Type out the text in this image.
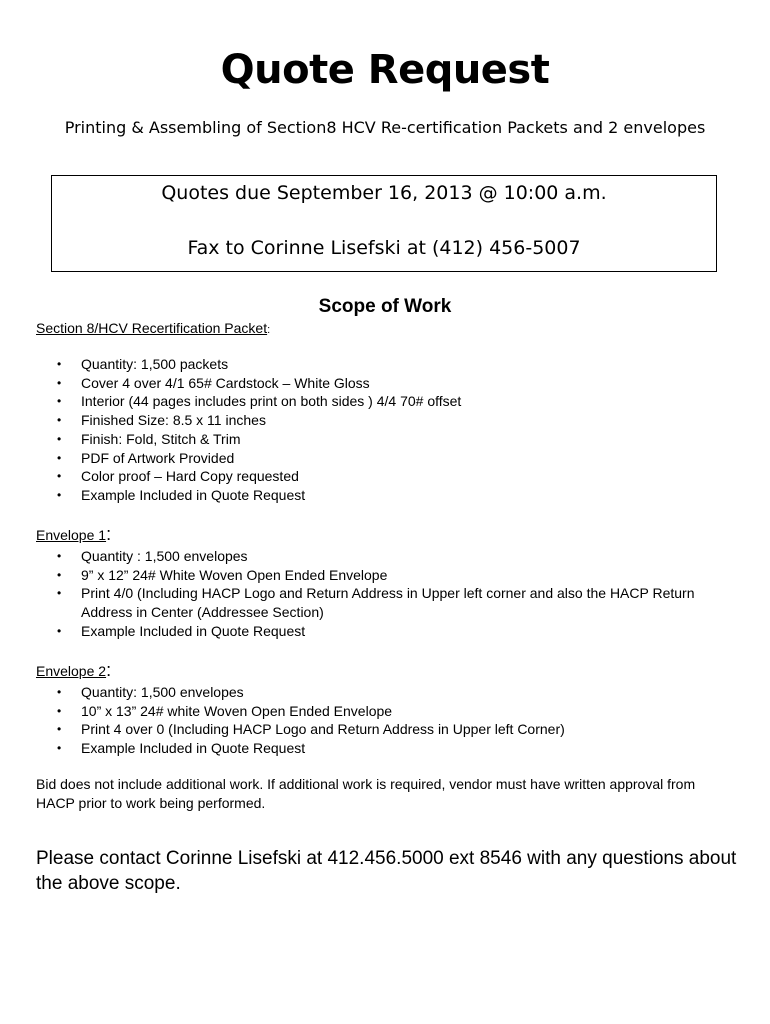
Quote Request

Printing & Assembling of Section8 HCV Re-certification Packets and 2 envelopes

Quotes due September 16, 2013 @ 10:00 a.m.

Fax to Corinne Lisefski at (412) 456-5007

Scope of Work

Section 8/HCV Recertification Packet:

• Quantity: 1,500 packets
• Cover 4 over 4/1 65# Cardstock – White Gloss
• Interior (44 pages includes print on both sides ) 4/4 70# offset
• Finished Size: 8.5 x 11 inches
• Finish: Fold, Stitch & Trim
• PDF of Artwork Provided
• Color proof – Hard Copy requested
• Example Included in Quote Request

Envelope 1:

• Quantity : 1,500 envelopes
• 9” x 12” 24# White Woven Open Ended Envelope
• Print 4/0 (Including HACP Logo and Return Address in Upper left corner and also the HACP Return Address in Center (Addressee Section)
• Example Included in Quote Request

Envelope 2:

• Quantity: 1,500 envelopes
• 10” x 13” 24# white Woven Open Ended Envelope
• Print 4 over 0 (Including HACP Logo and Return Address in Upper left Corner)
• Example Included in Quote Request

Bid does not include additional work. If additional work is required, vendor must have written approval from HACP prior to work being performed.

Please contact Corinne Lisefski at 412.456.5000 ext 8546 with any questions about the above scope.
